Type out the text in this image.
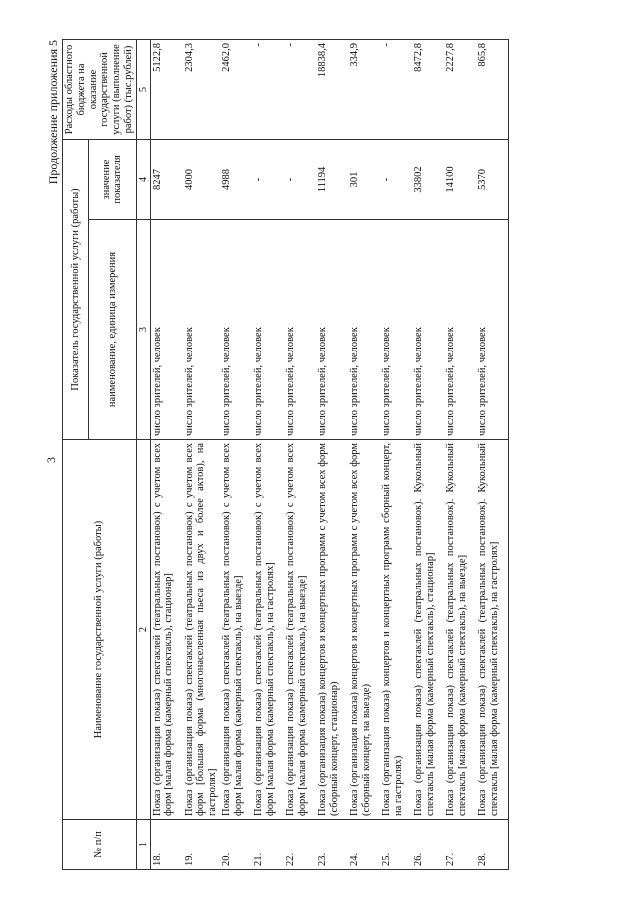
3
Продолжение приложения 5
№ п/п	Наименование государственной услуги (работы)	Показатель государственной услуги (работы)		Расходы областного бюджета на оказание государственной услуги (выполнение работ) (тыс.рублей)
		наименование, единица измерения	значение показателя	
1	2	3	4	5
18.	Показ (организация показа) спектаклей (театральных постановок) с учетом всех форм [малая форма (камерный спектакль), стационар]	число зрителей, человек	8247	5122,8
19.	Показ (организация показа) спектаклей (театральных постановок) с учетом всех форм [большая форма (многонаселенная пьеса из двух и более актов), на гастролях]	число зрителей, человек	4000	2304,3
20.	Показ (организация показа) спектаклей (театральных постановок) с учетом всех форм [малая форма (камерный спектакль), на выезде]	число зрителей, человек	4988	2462,0
21.	Показ (организация показа) спектаклей (театральных постановок) с учетом всех форм [малая форма (камерный спектакль), на гастролях]	число зрителей, человек	-	-
22.	Показ (организация показа) спектаклей (театральных постановок) с учетом всех форм [малая форма (камерный спектакль), на выезде]	число зрителей, человек	-	-
23.	Показ (организация показа) концертов и концертных программ с учетом всех форм (сборный концерт, стационар)	число зрителей, человек	11194	18838,4
24.	Показ (организация показа) концертов и концертных программ с учетом всех форм (сборный концерт, на выезде)	число зрителей, человек	301	334,9
25.	Показ (организация показа) концертов и концертных программ сборный концерт, на гастролях)	число зрителей, человек	-	-
26.	Показ (организация показа) спектаклей (театральных постановок). Кукольный спектакль [малая форма (камерный спектакль), стационар]	число зрителей, человек	33802	8472,8
27.	Показ (организация показа) спектаклей (театральных постановок). Кукольный спектакль [малая форма (камерный спектакль), на выезде]	число зрителей, человек	14100	2227,8
28.	Показ (организация показа) спектаклей (театральных постановок). Кукольный спектакль [малая форма (камерный спектакль), на гастролях]	число зрителей, человек	5370	865,8
